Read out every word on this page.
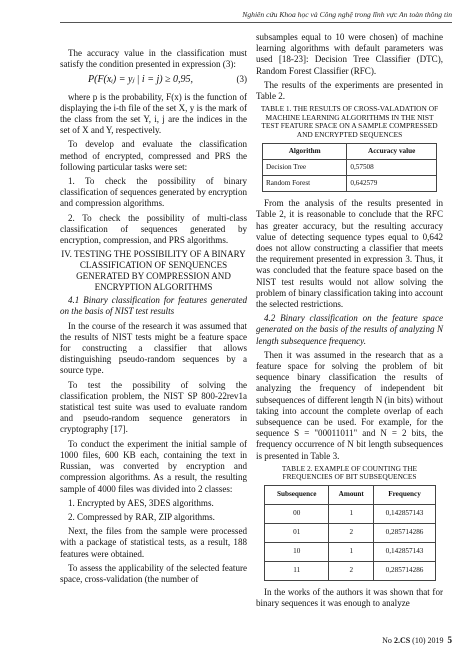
Nghiên cứu Khoa học và Công nghệ trong lĩnh vực An toàn thông tin

The accuracy value in the classification must satisfy the condition presented in expression (3):

P(F(xᵢ) = yⱼ | i = j) ≥ 0,95,	(3)

where p is the probability, F(x) is the function of displaying the i-th file of the set X, y is the mark of the class from the set Y, i, j are the indices in the set of X and Y, respectively.

To develop and evaluate the classification method of encrypted, compressed and PRS the following particular tasks were set:

1. To check the possibility of binary classification of sequences generated by encryption and compression algorithms.

2. To check the possibility of multi-class classification of sequences generated by encryption, compression, and PRS algorithms.

IV. TESTING THE POSSIBILITY OF A BINARY CLASSIFICATION OF SENQUENCES GENERATED BY COMPRESSION AND ENCRYPTION ALGORITHMS

4.1 Binary classification for features generated on the basis of NIST test results

In the course of the research it was assumed that the results of NIST tests might be a feature space for constructing a classifier that allows distinguishing pseudo-random sequences by a source type.

To test the possibility of solving the classification problem, the NIST SP 800-22rev1a statistical test suite was used to evaluate random and pseudo-random sequence generators in cryptography [17].

To conduct the experiment the initial sample of 1000 files, 600 KB each, containing the text in Russian, was converted by encryption and compression algorithms. As a result, the resulting sample of 4000 files was divided into 2 classes:

1. Encrypted by AES, 3DES algorithms.

2. Compressed by RAR, ZIP algorithms.

Next, the files from the sample were processed with a package of statistical tests, as a result, 188 features were obtained.

To assess the applicability of the selected feature space, cross-validation (the number of

subsamples equal to 10 were chosen) of machine learning algorithms with default parameters was used [18-23]: Decision Tree Classifier (DTC), Random Forest Classifier (RFC).

The results of the experiments are presented in Table 2.

TABLE 1. THE RESULTS OF CROSS-VALADATION OF MACHINE LEARNING ALGORITHMS IN THE NIST TEST FEATURE SPACE ON A SAMPLE COMPRESSED AND ENCRYPTED SEQUENCES
Algorithm	Accuracy value
Decision Tree	0,57508
Random Forest	0,642579

From the analysis of the results presented in Table 2, it is reasonable to conclude that the RFC has greater accuracy, but the resulting accuracy value of detecting sequence types equal to 0,642 does not allow constructing a classifier that meets the requirement presented in expression 3. Thus, it was concluded that the feature space based on the NIST test results would not allow solving the problem of binary classification taking into account the selected restrictions.

4.2 Binary classification on the feature space generated on the basis of the results of analyzing N length subsequence frequency.

Then it was assumed in the research that as a feature space for solving the problem of bit sequence binary classification the results of analyzing the frequency of independent bit subsequences of different length N (in bits) without taking into account the complete overlap of each subsequence can be used. For example, for the sequence S = "00011011" and N = 2 bits, the frequency occurrence of N bit length subsequences is presented in Table 3.

TABLE 2. EXAMPLE OF COUNTING THE FREQUENCIES OF BIT SUBSEQUENCES
Subsequence	Amount	Frequency
00	1	0,142857143
01	2	0,285714286
10	1	0,142857143
11	2	0,285714286

In the works of the authors it was shown that for binary sequences it was enough to analyze

No 2.CS (10) 2019 5
